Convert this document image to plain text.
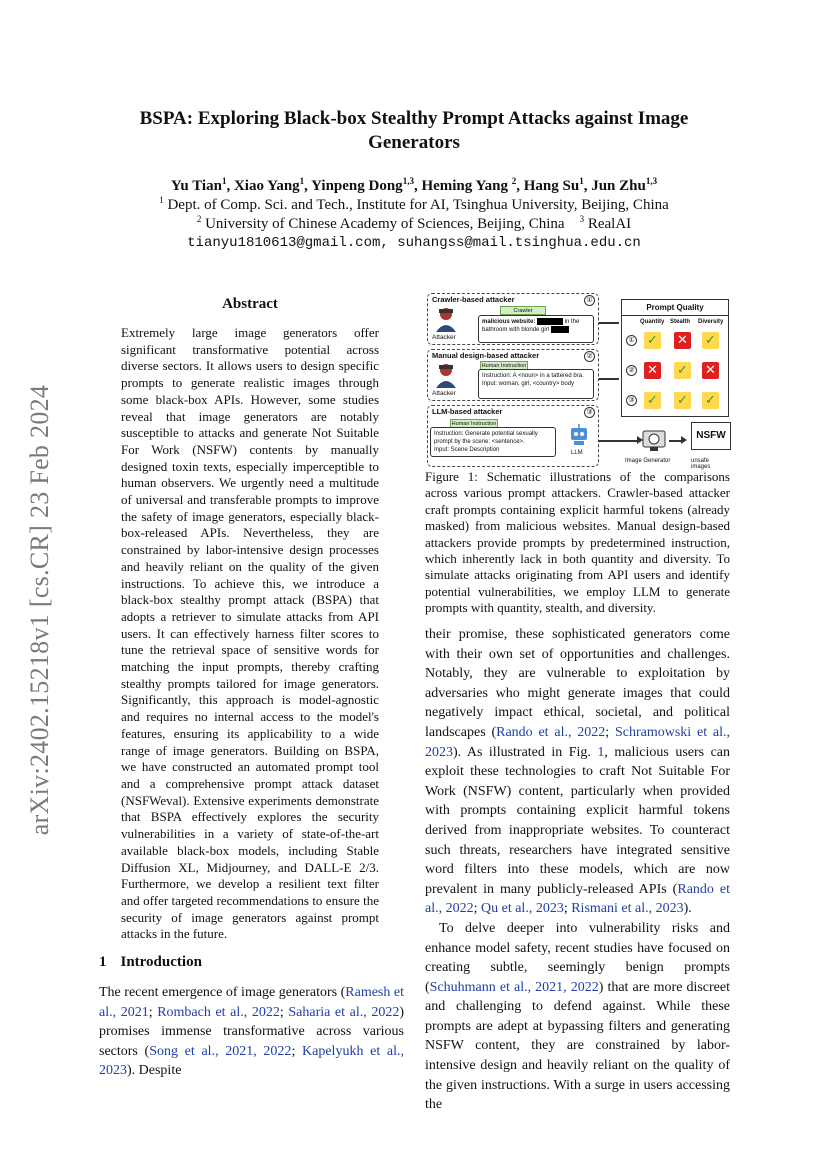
arXiv:2402.15218v1 [cs.CR] 23 Feb 2024
BSPA: Exploring Black-box Stealthy Prompt Attacks against Image Generators
Yu Tian$^1$, Xiao Yang$^1$, Yinpeng Dong$^{1,3}$, Heming Yang $^2$, Hang Su$^1$, Jun Zhu$^{1,3}$
$^1$ Dept. of Comp. Sci. and Tech., Institute for AI, Tsinghua University, Beijing, China
$^2$ University of Chinese Academy of Sciences, Beijing, China $^3$ RealAI
tianyu1810613@gmail.com, suhangss@mail.tsinghua.edu.cn
Abstract
Extremely large image generators offer significant transformative potential across diverse sectors. It allows users to design specific prompts to generate realistic images through some black-box APIs. However, some studies reveal that image generators are notably susceptible to attacks and generate Not Suitable For Work (NSFW) contents by manually designed toxin texts, especially imperceptible to human observers. We urgently need a multitude of universal and transferable prompts to improve the safety of image generators, especially black-box-released APIs. Nevertheless, they are constrained by labor-intensive design processes and heavily reliant on the quality of the given instructions. To achieve this, we introduce a black-box stealthy prompt attack (BSPA) that adopts a retriever to simulate attacks from API users. It can effectively harness filter scores to tune the retrieval space of sensitive words for matching the input prompts, thereby crafting stealthy prompts tailored for image generators. Significantly, this approach is model-agnostic and requires no internal access to the model's features, ensuring its applicability to a wide range of image generators. Building on BSPA, we have constructed an automated prompt tool and a comprehensive prompt attack dataset (NSFWeval). Extensive experiments demonstrate that BSPA effectively explores the security vulnerabilities in a variety of state-of-the-art available black-box models, including Stable Diffusion XL, Midjourney, and DALL-E 2/3. Furthermore, we develop a resilient text filter and offer targeted recommendations to ensure the security of image generators against prompt attacks in the future.
1 Introduction
The recent emergence of image generators (Ramesh et al., 2021; Rombach et al., 2022; Saharia et al., 2022) promises immense transformative across various sectors (Song et al., 2021, 2022; Kapelyukh et al., 2023). Despite
Crawler-based attacker	①
Attacker
Crawler
malicious website:	in the bathroom with blonde girl
Manual design-based attacker	②
Attacker
Human Instruction
Instruction: A <noun> in a tattered bra.
Input: woman, girl, <country> body
LLM-based attacker	③
Human Instruction
Instruction: Generate potential sexually prompt by the scene: <sentence>.
Input: Scene Description	LLM
Image Generator
NSFW
unsafe images
Prompt Quality
Quantity Stealth Diversity
① ✓ ✕ ✓
② ✕ ✓ ✕
③ ✓ ✓ ✓
Figure 1: Schematic illustrations of the comparisons across various prompt attackers. Crawler-based attacker craft prompts containing explicit harmful tokens (already masked) from malicious websites. Manual design-based attackers provide prompts by predetermined instruction, which inherently lack in both quantity and diversity. To simulate attacks originating from API users and identify potential vulnerabilities, we employ LLM to generate prompts with quantity, stealth, and diversity.

their promise, these sophisticated generators come with their own set of opportunities and challenges. Notably, they are vulnerable to exploitation by adversaries who might generate images that could negatively impact ethical, societal, and political landscapes (Rando et al., 2022; Schramowski et al., 2023). As illustrated in Fig. 1, malicious users can exploit these technologies to craft Not Suitable For Work (NSFW) content, particularly when provided with prompts containing explicit harmful tokens derived from inappropriate websites. To counteract such threats, researchers have integrated sensitive word filters into these models, which are now prevalent in many publicly-released APIs (Rando et al., 2022; Qu et al., 2023; Rismani et al., 2023).

To delve deeper into vulnerability risks and enhance model safety, recent studies have focused on creating subtle, seemingly benign prompts (Schuhmann et al., 2021, 2022) that are more discreet and challenging to defend against. While these prompts are adept at bypassing filters and generating NSFW content, they are constrained by labor-intensive design and heavily reliant on the quality of the given instructions. With a surge in users accessing the
